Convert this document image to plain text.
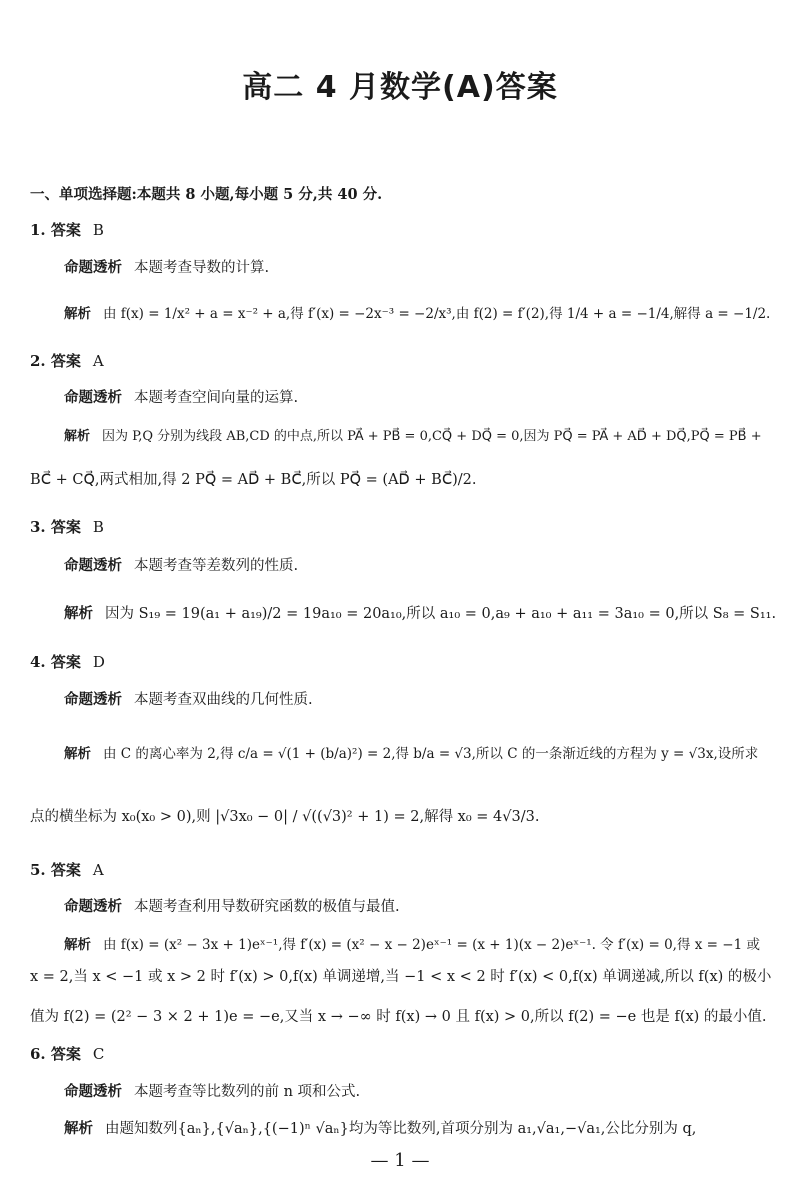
高二 4 月数学(A)答案
一、单项选择题:本题共 8 小题,每小题 5 分,共 40 分.
1. 答案 B
命题透析 本题考查导数的计算.
解析 由 f(x) = 1/x² + a = x⁻² + a,得 f′(x) = −2x⁻³ = −2/x³,由 f(2) = f′(2),得 1/4 + a = −1/4,解得 a = −1/2.
2. 答案 A
命题透析 本题考查空间向量的运算.
解析 因为 P,Q 分别为线段 AB,CD 的中点,所以 PA⃗ + PB⃗ = 0,CQ⃗ + DQ⃗ = 0,因为 PQ⃗ = PA⃗ + AD⃗ + DQ⃗,PQ⃗ = PB⃗ +
BC⃗ + CQ⃗,两式相加,得 2 PQ⃗ = AD⃗ + BC⃗,所以 PQ⃗ = (AD⃗ + BC⃗)/2.
3. 答案 B
命题透析 本题考查等差数列的性质.
解析 因为 S₁₉ = 19(a₁ + a₁₉)/2 = 19a₁₀ = 20a₁₀,所以 a₁₀ = 0,a₉ + a₁₀ + a₁₁ = 3a₁₀ = 0,所以 S₈ = S₁₁.
4. 答案 D
命题透析 本题考查双曲线的几何性质.
解析 由 C 的离心率为 2,得 c/a = √(1 + (b/a)²) = 2,得 b/a = √3,所以 C 的一条渐近线的方程为 y = √3x,设所求
点的横坐标为 x₀(x₀ > 0),则 |√3x₀ − 0| / √((√3)² + 1) = 2,解得 x₀ = 4√3/3.
5. 答案 A
命题透析 本题考查利用导数研究函数的极值与最值.
解析 由 f(x) = (x² − 3x + 1)eˣ⁻¹,得 f′(x) = (x² − x − 2)eˣ⁻¹ = (x + 1)(x − 2)eˣ⁻¹. 令 f′(x) = 0,得 x = −1 或
x = 2,当 x < −1 或 x > 2 时 f′(x) > 0,f(x) 单调递增,当 −1 < x < 2 时 f′(x) < 0,f(x) 单调递减,所以 f(x) 的极小
值为 f(2) = (2² − 3 × 2 + 1)e = −e,又当 x → −∞ 时 f(x) → 0 且 f(x) > 0,所以 f(2) = −e 也是 f(x) 的最小值.
6. 答案 C
命题透析 本题考查等比数列的前 n 项和公式.
解析 由题知数列{aₙ},{√aₙ},{(−1)ⁿ √aₙ}均为等比数列,首项分别为 a₁,√a₁,−√a₁,公比分别为 q,
— 1 —
